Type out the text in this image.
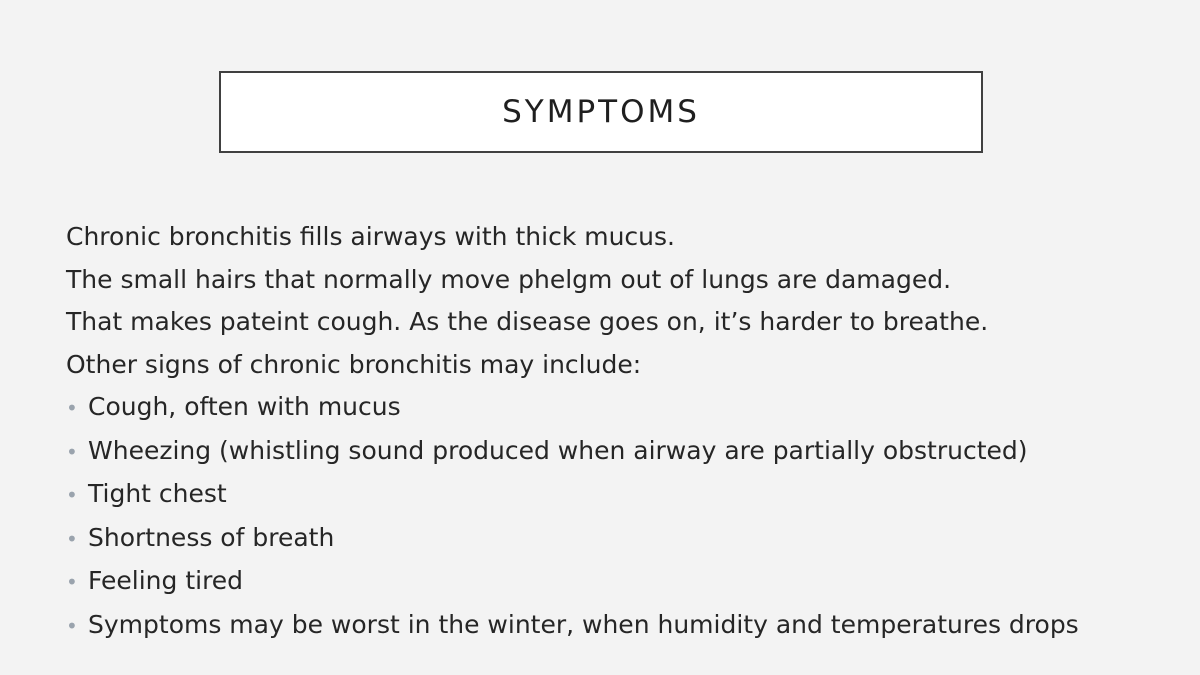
SYMPTOMS
Chronic bronchitis fills airways with thick mucus.
The small hairs that normally move phelgm out of lungs are damaged.
That makes pateint cough. As the disease goes on, it’s harder to breathe.
Other signs of chronic bronchitis may include:
• Cough, often with mucus
• Wheezing (whistling sound produced when airway are partially obstructed)
• Tight chest
• Shortness of breath
• Feeling tired
• Symptoms may be worst in the winter, when humidity and temperatures drops
